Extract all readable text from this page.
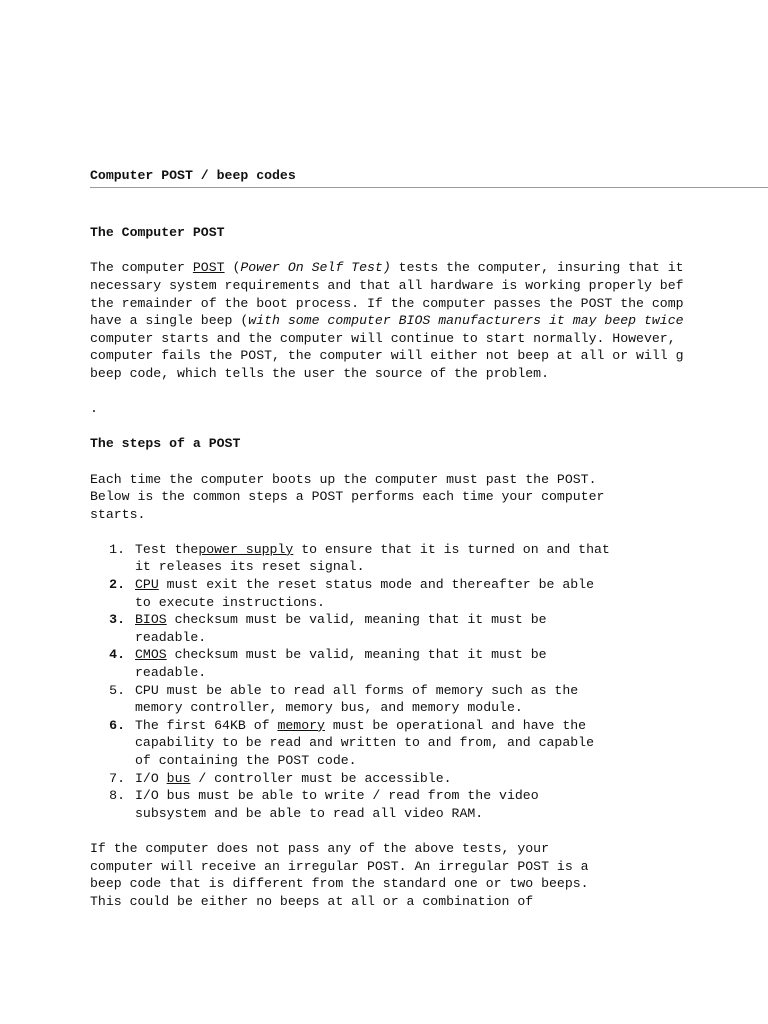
Computer POST / beep codes
The Computer POST
The computer POST (Power On Self Test) tests the computer, insuring that it
necessary system requirements and that all hardware is working properly bef
the remainder of the boot process. If the computer passes the POST the comp
have a single beep (with some computer BIOS manufacturers it may beep twice
computer starts and the computer will continue to start normally. However,
computer fails the POST, the computer will either not beep at all or will g
beep code, which tells the user the source of the problem.
.
The steps of a POST
Each time the computer boots up the computer must past the POST.
Below is the common steps a POST performs each time your computer
starts.
1. Test thepower supply to ensure that it is turned on and that
it releases its reset signal.
2. CPU must exit the reset status mode and thereafter be able
to execute instructions.
3. BIOS checksum must be valid, meaning that it must be
readable.
4. CMOS checksum must be valid, meaning that it must be
readable.
5. CPU must be able to read all forms of memory such as the
memory controller, memory bus, and memory module.
6. The first 64KB of memory must be operational and have the
capability to be read and written to and from, and capable
of containing the POST code.
7. I/O bus / controller must be accessible.
8. I/O bus must be able to write / read from the video
subsystem and be able to read all video RAM.
If the computer does not pass any of the above tests, your
computer will receive an irregular POST. An irregular POST is a
beep code that is different from the standard one or two beeps.
This could be either no beeps at all or a combination of
